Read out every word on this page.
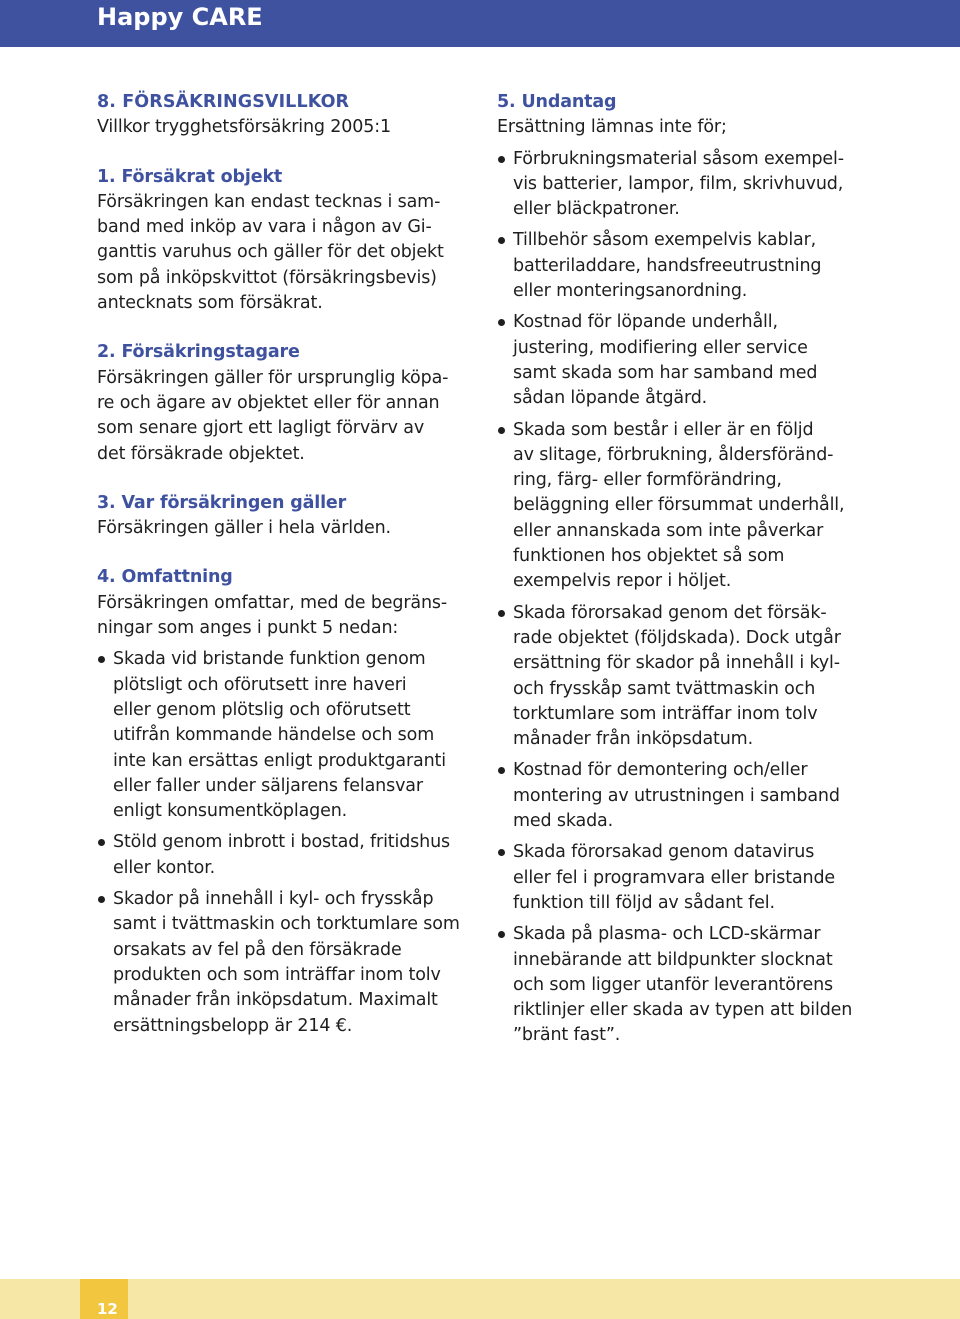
Happy CARE

8. FÖRSÄKRINGSVILLKOR

Villkor trygghetsförsäkring 2005:1

1. Försäkrat objekt

Försäkringen kan endast tecknas i sam-
band med inköp av vara i någon av Gi-
ganttis varuhus och gäller för det objekt
som på inköpskvittot (försäkringsbevis)
antecknats som försäkrat.

2. Försäkringstagare

Försäkringen gäller för ursprunglig köpa-
re och ägare av objektet eller för annan
som senare gjort ett lagligt förvärv av
det försäkrade objektet.

3. Var försäkringen gäller

Försäkringen gäller i hela världen.

4. Omfattning

Försäkringen omfattar, med de begräns-
ningar som anges i punkt 5 nedan:

Skada vid bristande funktion genom
plötsligt och oförutsett inre haveri
eller genom plötslig och oförutsett
utifrån kommande händelse och som
inte kan ersättas enligt produktgaranti
eller faller under säljarens felansvar
enligt konsumentköplagen.
Stöld genom inbrott i bostad, fritidshus
eller kontor.
Skador på innehåll i kyl- och frysskåp
samt i tvättmaskin och torktumlare som
orsakats av fel på den försäkrade
produkten och som inträffar inom tolv
månader från inköpsdatum. Maximalt
ersättningsbelopp är 214 €.

5. Undantag

Ersättning lämnas inte för;

Förbrukningsmaterial såsom exempel-
vis batterier, lampor, film, skrivhuvud,
eller bläckpatroner.
Tillbehör såsom exempelvis kablar,
batteriladdare, handsfreeutrustning
eller monteringsanordning.
Kostnad för löpande underhåll,
justering, modifiering eller service
samt skada som har samband med
sådan löpande åtgärd.
Skada som består i eller är en följd
av slitage, förbrukning, åldersföränd-
ring, färg- eller formförändring,
beläggning eller försummat underhåll,
eller annanskada som inte påverkar
funktionen hos objektet så som
exempelvis repor i höljet.
Skada förorsakad genom det försäk-
rade objektet (följdskada). Dock utgår
ersättning för skador på innehåll i kyl-
och frysskåp samt tvättmaskin och
torktumlare som inträffar inom tolv
månader från inköpsdatum.
Kostnad för demontering och/eller
montering av utrustningen i samband
med skada.
Skada förorsakad genom datavirus
eller fel i programvara eller bristande
funktion till följd av sådant fel.
Skada på plasma- och LCD-skärmar
innebärande att bildpunkter slocknat
och som ligger utanför leverantörens
riktlinjer eller skada av typen att bilden
”bränt fast”.
12
